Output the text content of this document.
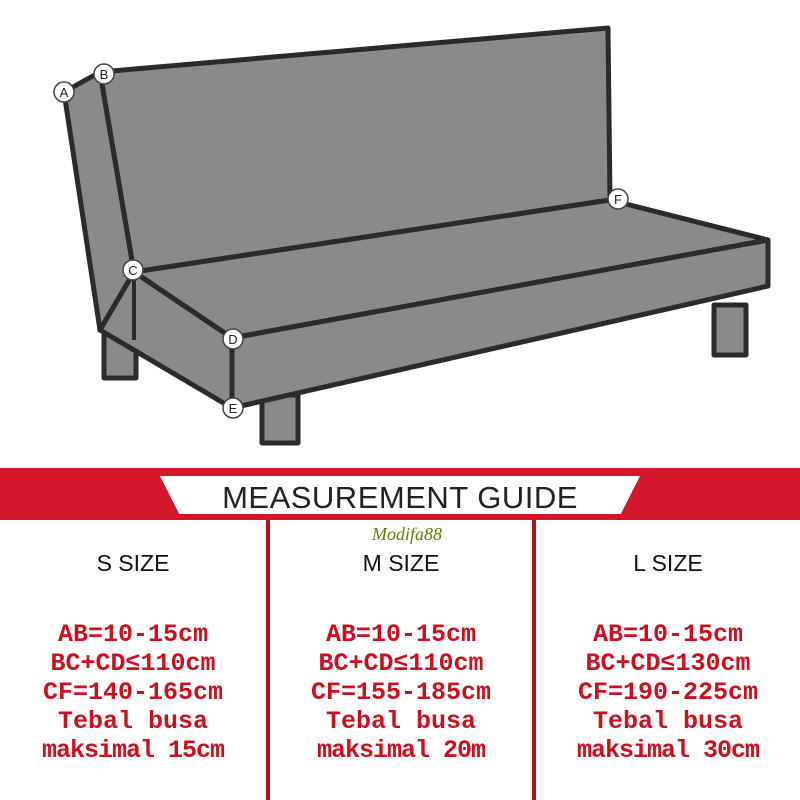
A
B
C
D
E
F
MEASUREMENT GUIDE
S SIZE
AB=10-15cm
BC+CD≤110cm
CF=140-165cm
Tebal busa
maksimal 15cm
M SIZE
AB=10-15cm
BC+CD≤110cm
CF=155-185cm
Tebal busa
maksimal 20m
L SIZE
AB=10-15cm
BC+CD≤130cm
CF=190-225cm
Tebal busa
maksimal 30cm
Modifa88
